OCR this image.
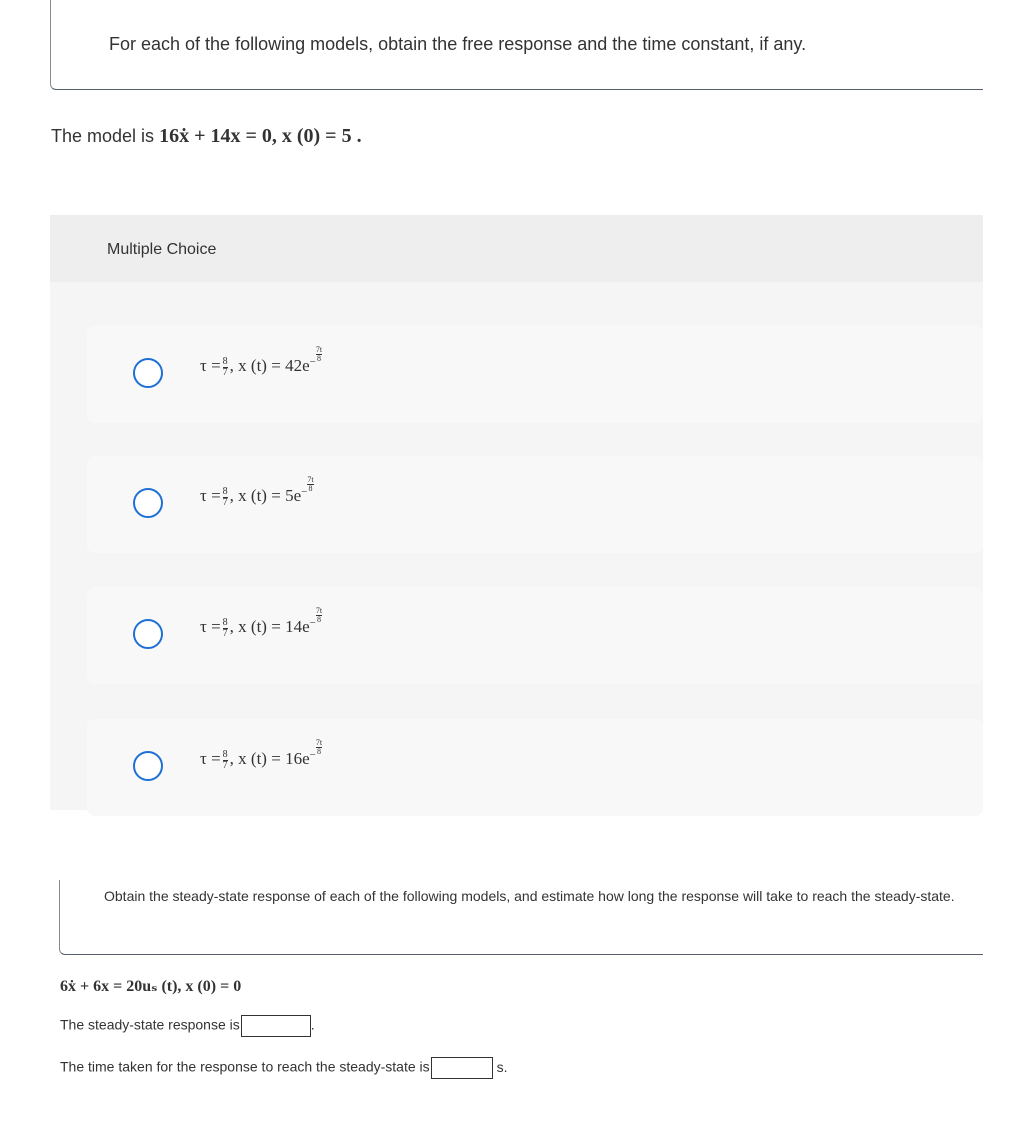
For each of the following models, obtain the free response and the time constant, if any.
The model is 16ẋ + 14x = 0, x (0) = 5 .
Multiple Choice
$\tau = \frac{8}{7}$ , x $(t) = 42e^- \frac{7t}{8}$
$\tau = \frac{8}{7}$ , x $(t) = 5e^- \frac{7t}{8}$
$\tau = \frac{8}{7}$ , x $(t) = 14e^- \frac{7t}{8}$
$\tau = \frac{8}{7}$ , x $(t) = 16e^- \frac{7t}{8}$
Obtain the steady-state response of each of the following models, and estimate how long the response will take to reach the steady-state.
6ẋ + 6x = 20uₛ (t), x (0) = 0
The steady-state response is	.
The time taken for the response to reach the steady-state is	s.
